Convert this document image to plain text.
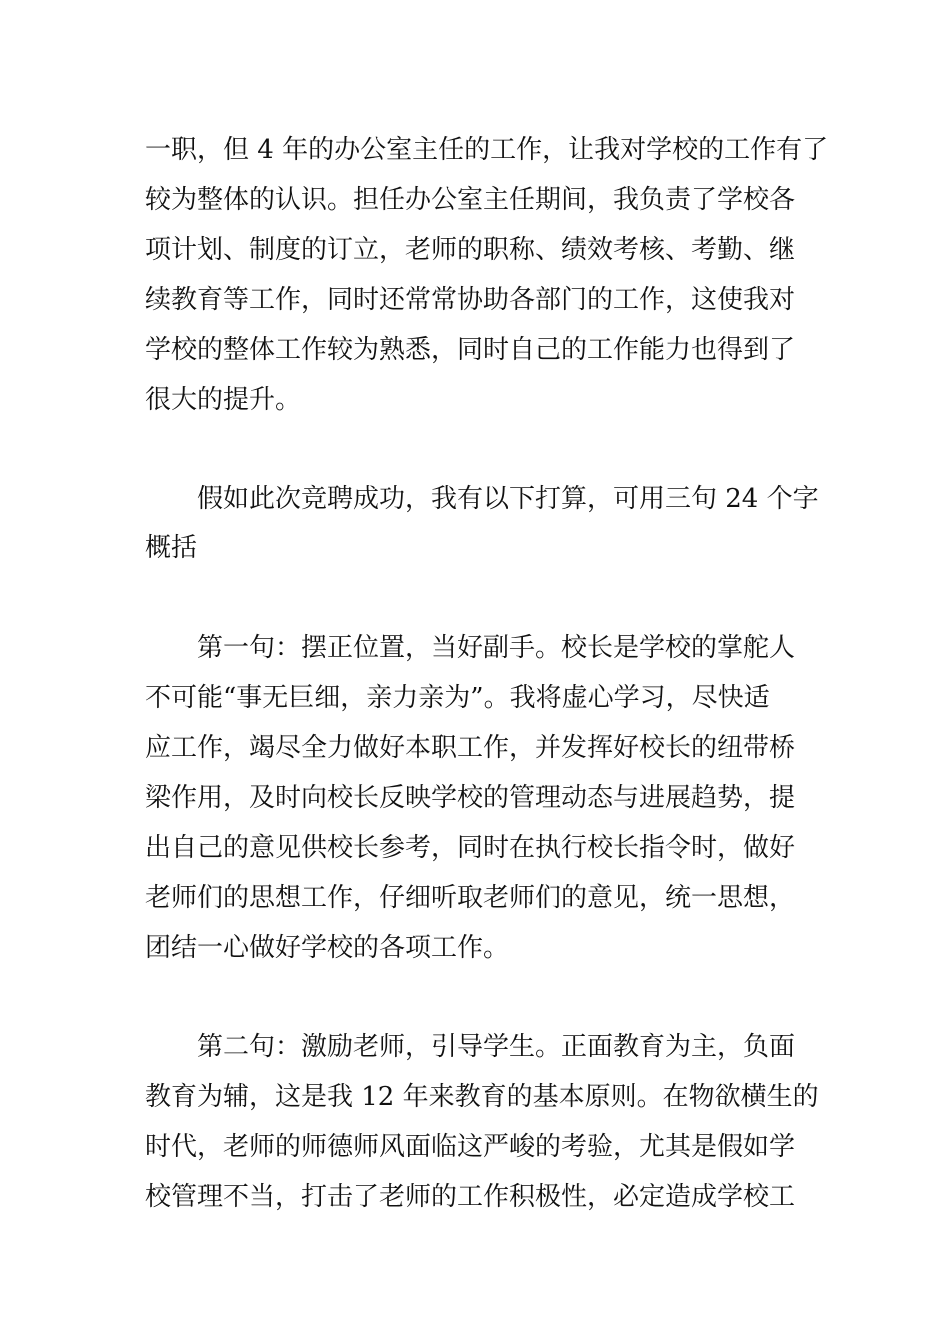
一职，但 4 年的办公室主任的工作，让我对学校的工作有了
较为整体的认识。担任办公室主任期间，我负责了学校各
项计划、制度的订立，老师的职称、绩效考核、考勤、继
续教育等工作，同时还常常协助各部门的工作，这使我对
学校的整体工作较为熟悉，同时自己的工作能力也得到了
很大的提升。
假如此次竞聘成功，我有以下打算，可用三句 24 个字
概括
第一句：摆正位置，当好副手。校长是学校的掌舵人
不可能“事无巨细，亲力亲为”。我将虚心学习，尽快适
应工作，竭尽全力做好本职工作，并发挥好校长的纽带桥
梁作用，及时向校长反映学校的管理动态与进展趋势，提
出自己的意见供校长参考，同时在执行校长指令时，做好
老师们的思想工作，仔细听取老师们的意见，统一思想，
团结一心做好学校的各项工作。
第二句：激励老师，引导学生。正面教育为主，负面
教育为辅，这是我 12 年来教育的基本原则。在物欲横生的
时代，老师的师德师风面临这严峻的考验，尤其是假如学
校管理不当，打击了老师的工作积极性，必定造成学校工
